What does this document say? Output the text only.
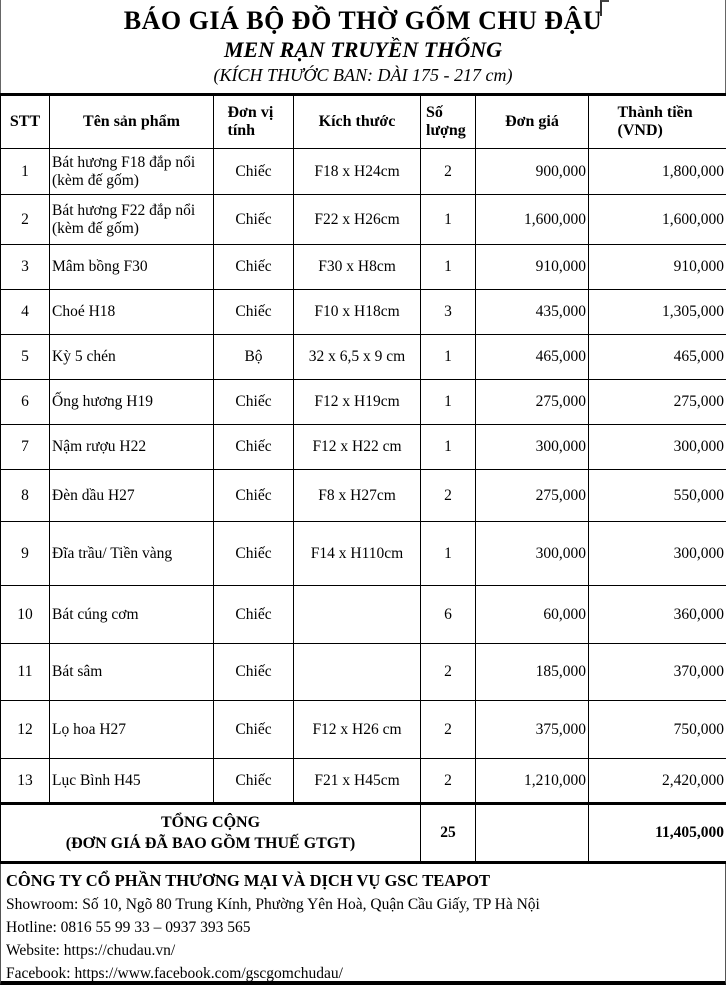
BÁO GIÁ BỘ ĐỒ THỜ GỐM CHU ĐẬU
MEN RẠN TRUYỀN THỐNG
(KÍCH THƯỚC BAN: DÀI 175 - 217 cm)
STT	Tên sản phẩm	Đơn vị tính	Kích thước	Số lượng	Đơn giá	Thành tiền (VND)
1	Bát hương F18 đắp nổi (kèm đế gốm)	Chiếc	F18 x H24cm	2	900,000	1,800,000
2	Bát hương F22 đắp nổi (kèm đế gốm)	Chiếc	F22 x H26cm	1	1,600,000	1,600,000
3	Mâm bồng F30	Chiếc	F30 x H8cm	1	910,000	910,000
4	Choé H18	Chiếc	F10 x H18cm	3	435,000	1,305,000
5	Kỳ 5 chén	Bộ	32 x 6,5 x 9 cm	1	465,000	465,000
6	Ống hương H19	Chiếc	F12 x H19cm	1	275,000	275,000
7	Nậm rượu H22	Chiếc	F12 x H22 cm	1	300,000	300,000
8	Đèn dầu H27	Chiếc	F8 x H27cm	2	275,000	550,000
9	Đĩa trầu/ Tiền vàng	Chiếc	F14 x H110cm	1	300,000	300,000
10	Bát cúng cơm	Chiếc		6	60,000	360,000
11	Bát sâm	Chiếc		2	185,000	370,000
12	Lọ hoa H27	Chiếc	F12 x H26 cm	2	375,000	750,000
13	Lục Bình H45	Chiếc	F21 x H45cm	2	1,210,000	2,420,000

TỔNG CỘNG
(ĐƠN GIÁ ĐÃ BAO GỒM THUẾ GTGT)				25		11,405,000
CÔNG TY CỔ PHẦN THƯƠNG MẠI VÀ DỊCH VỤ GSC TEAPOT
Showroom: Số 10, Ngõ 80 Trung Kính, Phường Yên Hoà, Quận Cầu Giấy, TP Hà Nội
Hotline: 0816 55 99 33 – 0937 393 565
Website: https://chudau.vn/
Facebook: https://www.facebook.com/gscgomchudau/
